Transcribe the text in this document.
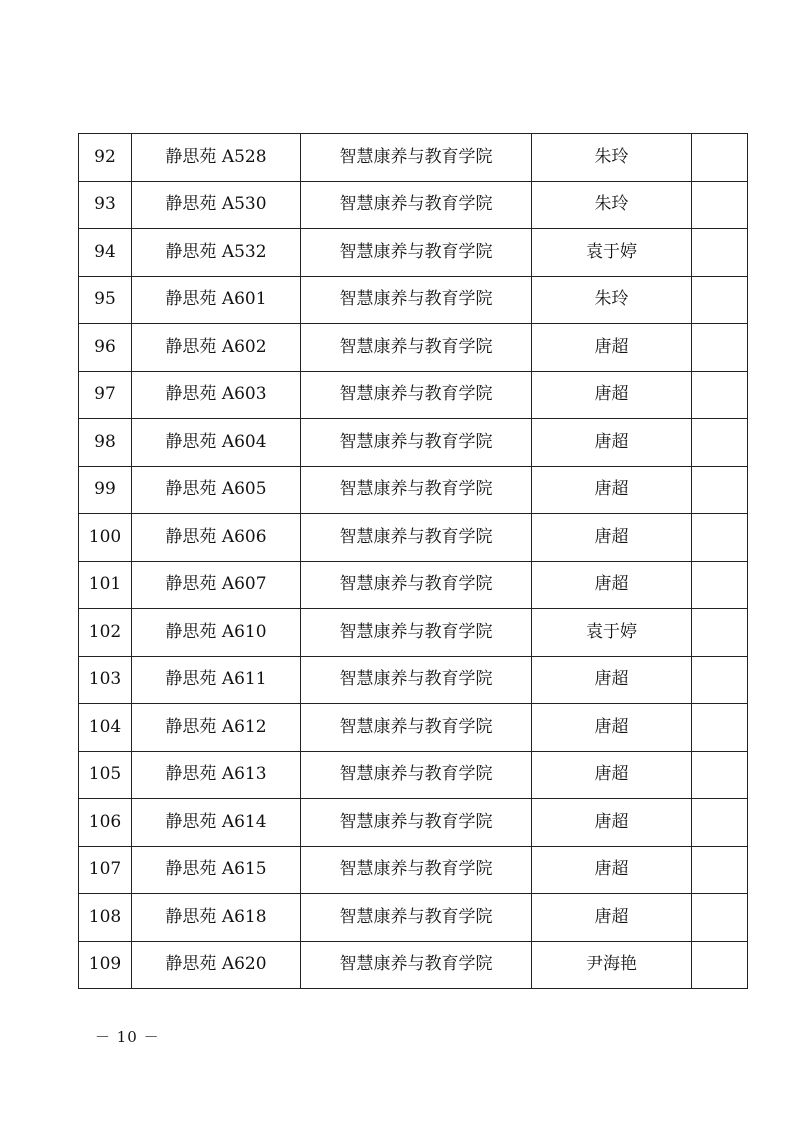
92	静思苑 A528	智慧康养与教育学院	朱玲	
93	静思苑 A530	智慧康养与教育学院	朱玲	
94	静思苑 A532	智慧康养与教育学院	袁于婷	
95	静思苑 A601	智慧康养与教育学院	朱玲	
96	静思苑 A602	智慧康养与教育学院	唐超	
97	静思苑 A603	智慧康养与教育学院	唐超	
98	静思苑 A604	智慧康养与教育学院	唐超	
99	静思苑 A605	智慧康养与教育学院	唐超	
100	静思苑 A606	智慧康养与教育学院	唐超	
101	静思苑 A607	智慧康养与教育学院	唐超	
102	静思苑 A610	智慧康养与教育学院	袁于婷	
103	静思苑 A611	智慧康养与教育学院	唐超	
104	静思苑 A612	智慧康养与教育学院	唐超	
105	静思苑 A613	智慧康养与教育学院	唐超	
106	静思苑 A614	智慧康养与教育学院	唐超	
107	静思苑 A615	智慧康养与教育学院	唐超	
108	静思苑 A618	智慧康养与教育学院	唐超	
109	静思苑 A620	智慧康养与教育学院	尹海艳	
－ 10 －
